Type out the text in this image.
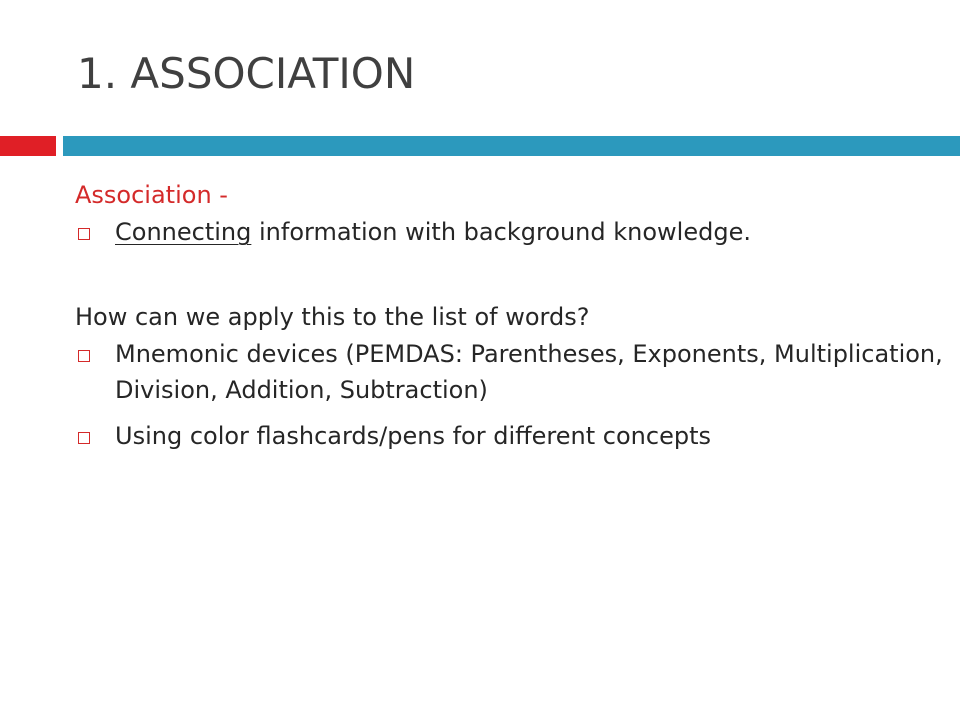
1. ASSOCIATION

Association -

Connecting information with background knowledge.

How can we apply this to the list of words?

Mnemonic devices (PEMDAS: Parentheses, Exponents, Multiplication, Division, Addition, Subtraction)
Using color flashcards/pens for different concepts
